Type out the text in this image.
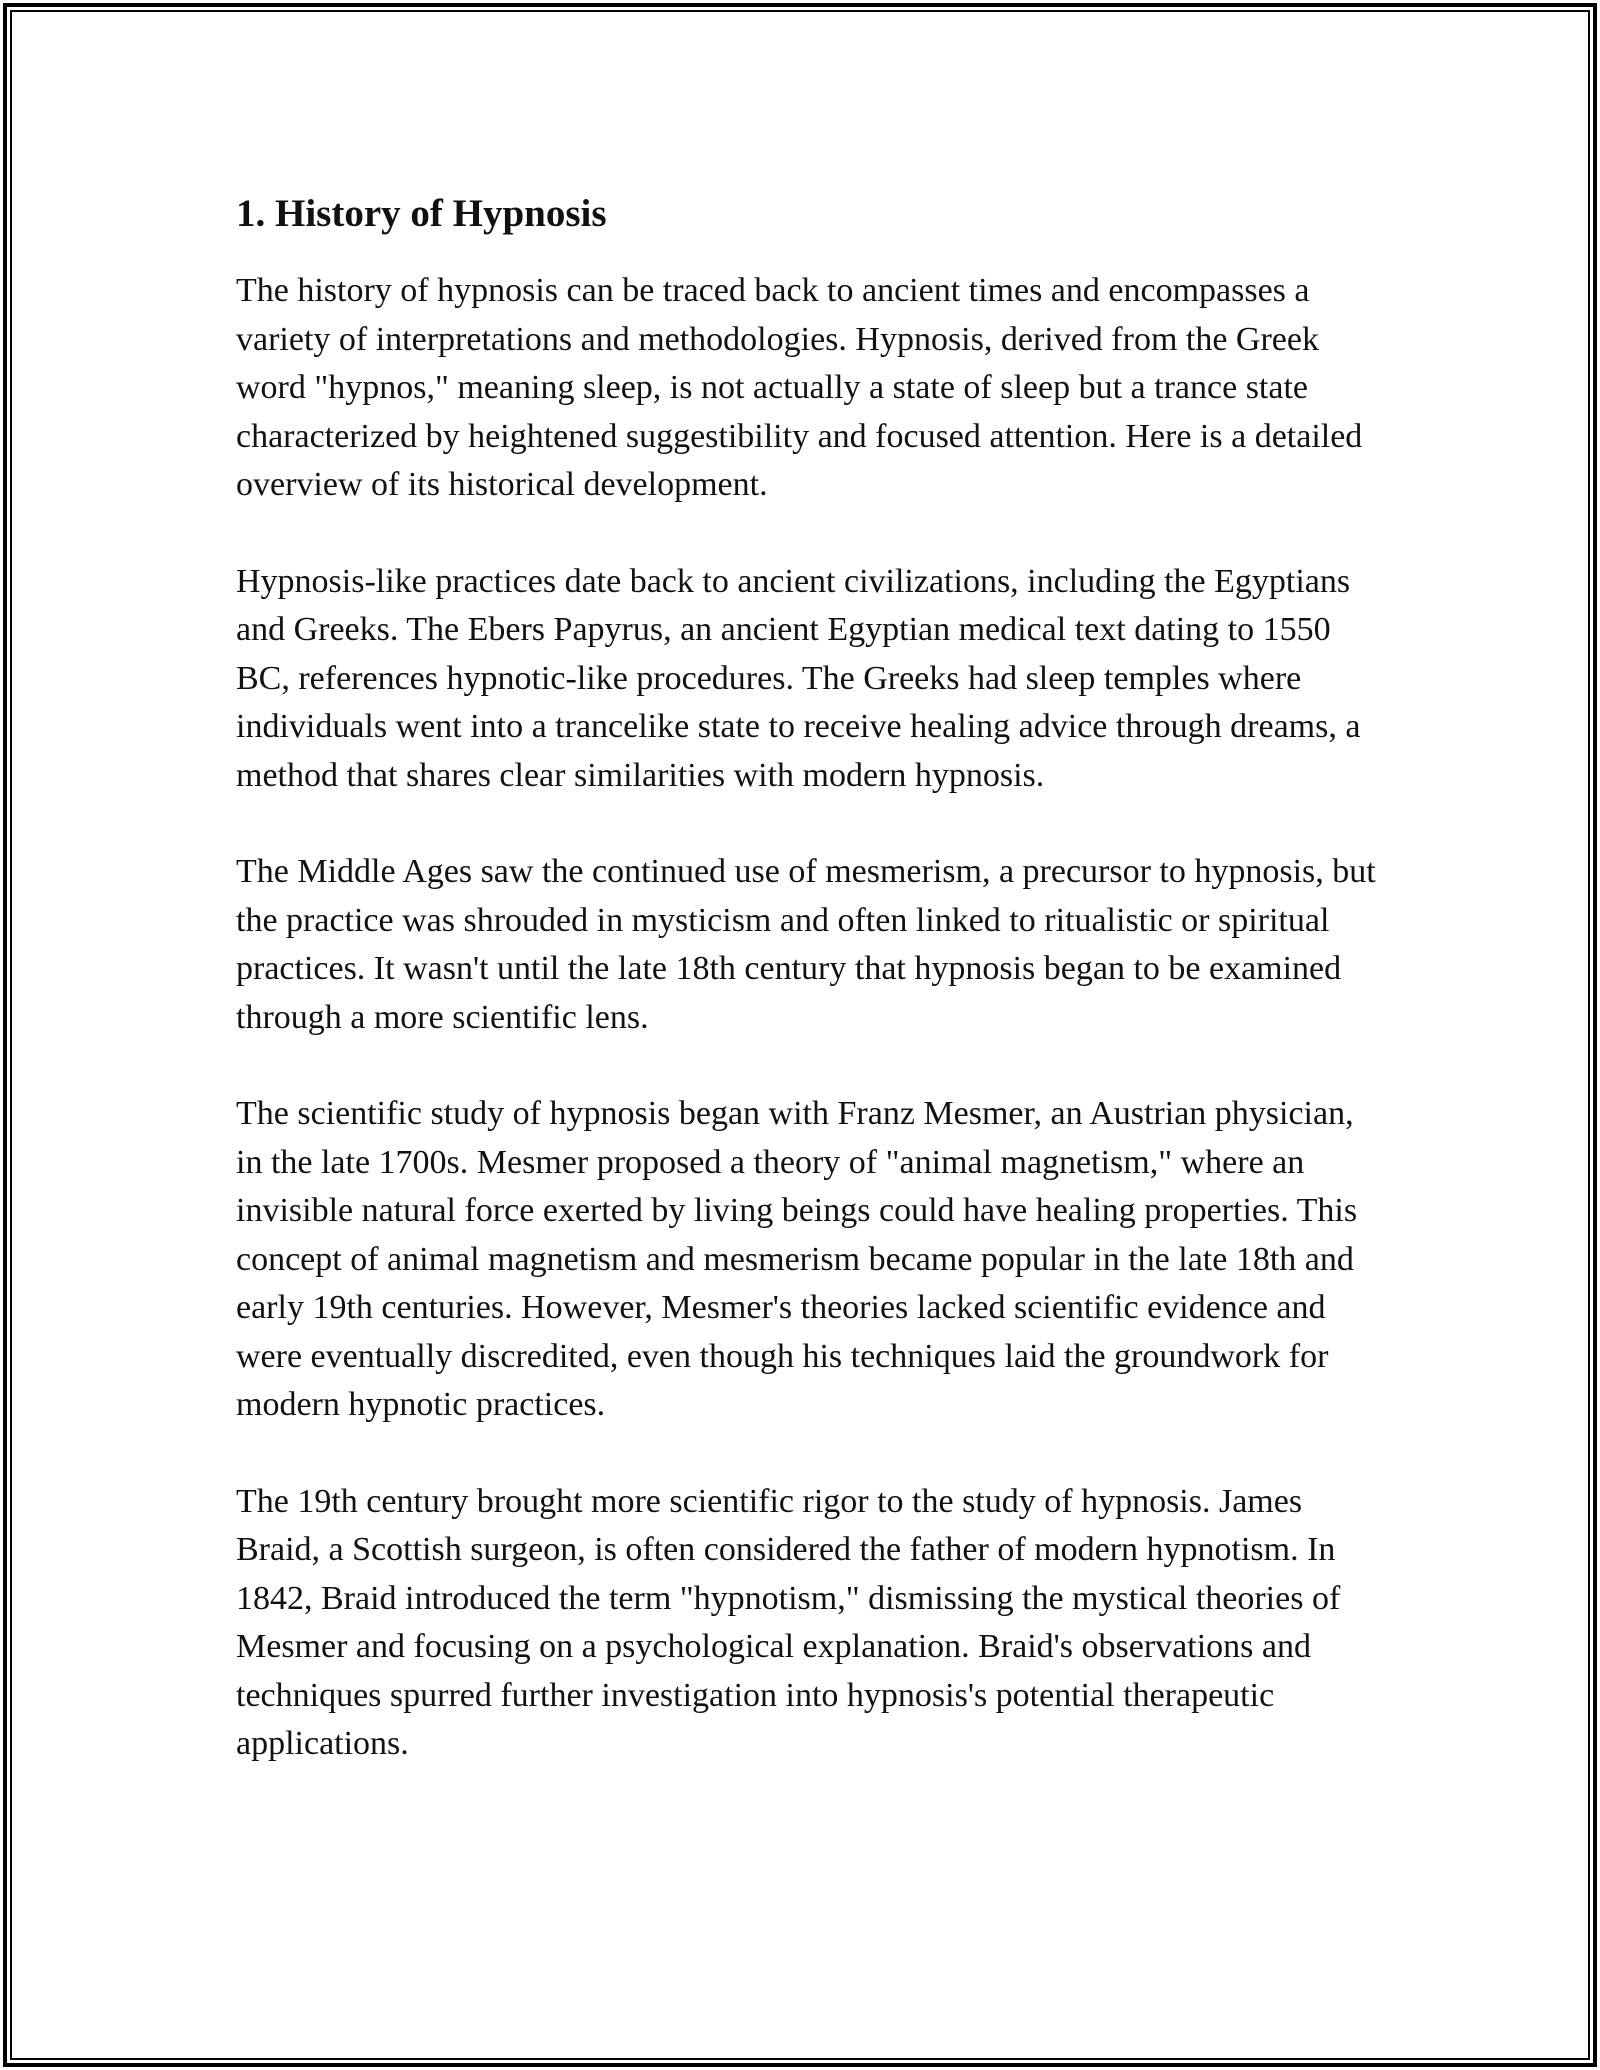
1. History of Hypnosis

The history of hypnosis can be traced back to ancient times and encompasses a variety of interpretations and methodologies. Hypnosis, derived from the Greek word "hypnos," meaning sleep, is not actually a state of sleep but a trance state characterized by heightened suggestibility and focused attention. Here is a detailed overview of its historical development.

Hypnosis-like practices date back to ancient civilizations, including the Egyptians and Greeks. The Ebers Papyrus, an ancient Egyptian medical text dating to 1550 BC, references hypnotic-like procedures. The Greeks had sleep temples where individuals went into a trancelike state to receive healing advice through dreams, a method that shares clear similarities with modern hypnosis.

The Middle Ages saw the continued use of mesmerism, a precursor to hypnosis, but the practice was shrouded in mysticism and often linked to ritualistic or spiritual practices. It wasn't until the late 18th century that hypnosis began to be examined through a more scientific lens.

The scientific study of hypnosis began with Franz Mesmer, an Austrian physician, in the late 1700s. Mesmer proposed a theory of "animal magnetism," where an invisible natural force exerted by living beings could have healing properties. This concept of animal magnetism and mesmerism became popular in the late 18th and early 19th centuries. However, Mesmer's theories lacked scientific evidence and were eventually discredited, even though his techniques laid the groundwork for modern hypnotic practices.

The 19th century brought more scientific rigor to the study of hypnosis. James Braid, a Scottish surgeon, is often considered the father of modern hypnotism. In 1842, Braid introduced the term "hypnotism," dismissing the mystical theories of Mesmer and focusing on a psychological explanation. Braid's observations and techniques spurred further investigation into hypnosis's potential therapeutic applications.
